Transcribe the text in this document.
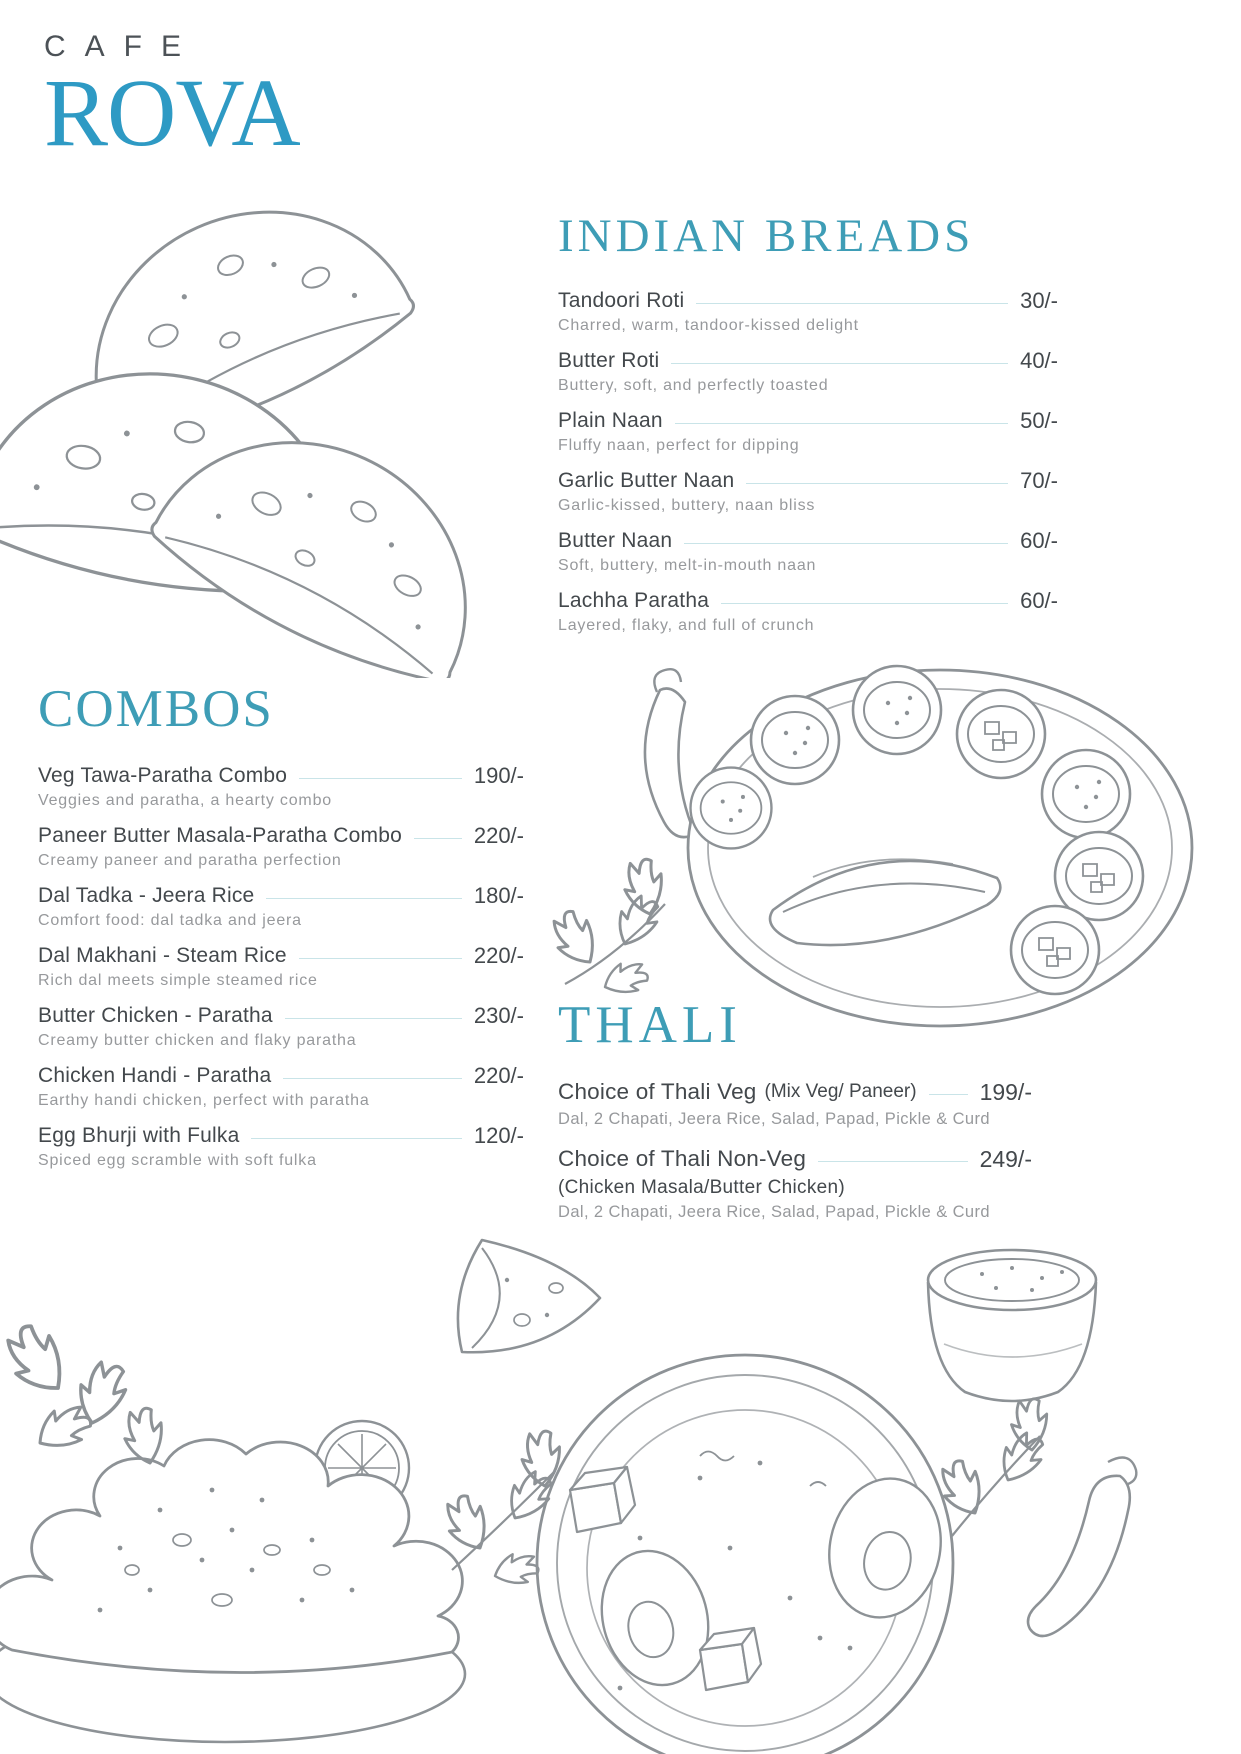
CAFE
ROVA
INDIAN BREADS
Tandoori Roti	30/-
Charred, warm, tandoor-kissed delight
Butter Roti	40/-
Buttery, soft, and perfectly toasted
Plain Naan	50/-
Fluffy naan, perfect for dipping
Garlic Butter Naan	70/-
Garlic-kissed, buttery, naan bliss
Butter Naan	60/-
Soft, buttery, melt-in-mouth naan
Lachha Paratha	60/-
Layered, flaky, and full of crunch
COMBOS
Veg Tawa-Paratha Combo	190/-
Veggies and paratha, a hearty combo
Paneer Butter Masala-Paratha Combo	220/-
Creamy paneer and paratha perfection
Dal Tadka - Jeera Rice	180/-
Comfort food: dal tadka and jeera
Dal Makhani - Steam Rice	220/-
Rich dal meets simple steamed rice
Butter Chicken - Paratha	230/-
Creamy butter chicken and flaky paratha
Chicken Handi - Paratha	220/-
Earthy handi chicken, perfect with paratha
Egg Bhurji with Fulka	120/-
Spiced egg scramble with soft fulka
THALI
Choice of Thali Veg (Mix Veg/ Paneer)	199/-
Dal, 2 Chapati, Jeera Rice, Salad, Papad, Pickle & Curd
Choice of Thali Non-Veg	249/-
(Chicken Masala/Butter Chicken)
Dal, 2 Chapati, Jeera Rice, Salad, Papad, Pickle & Curd
